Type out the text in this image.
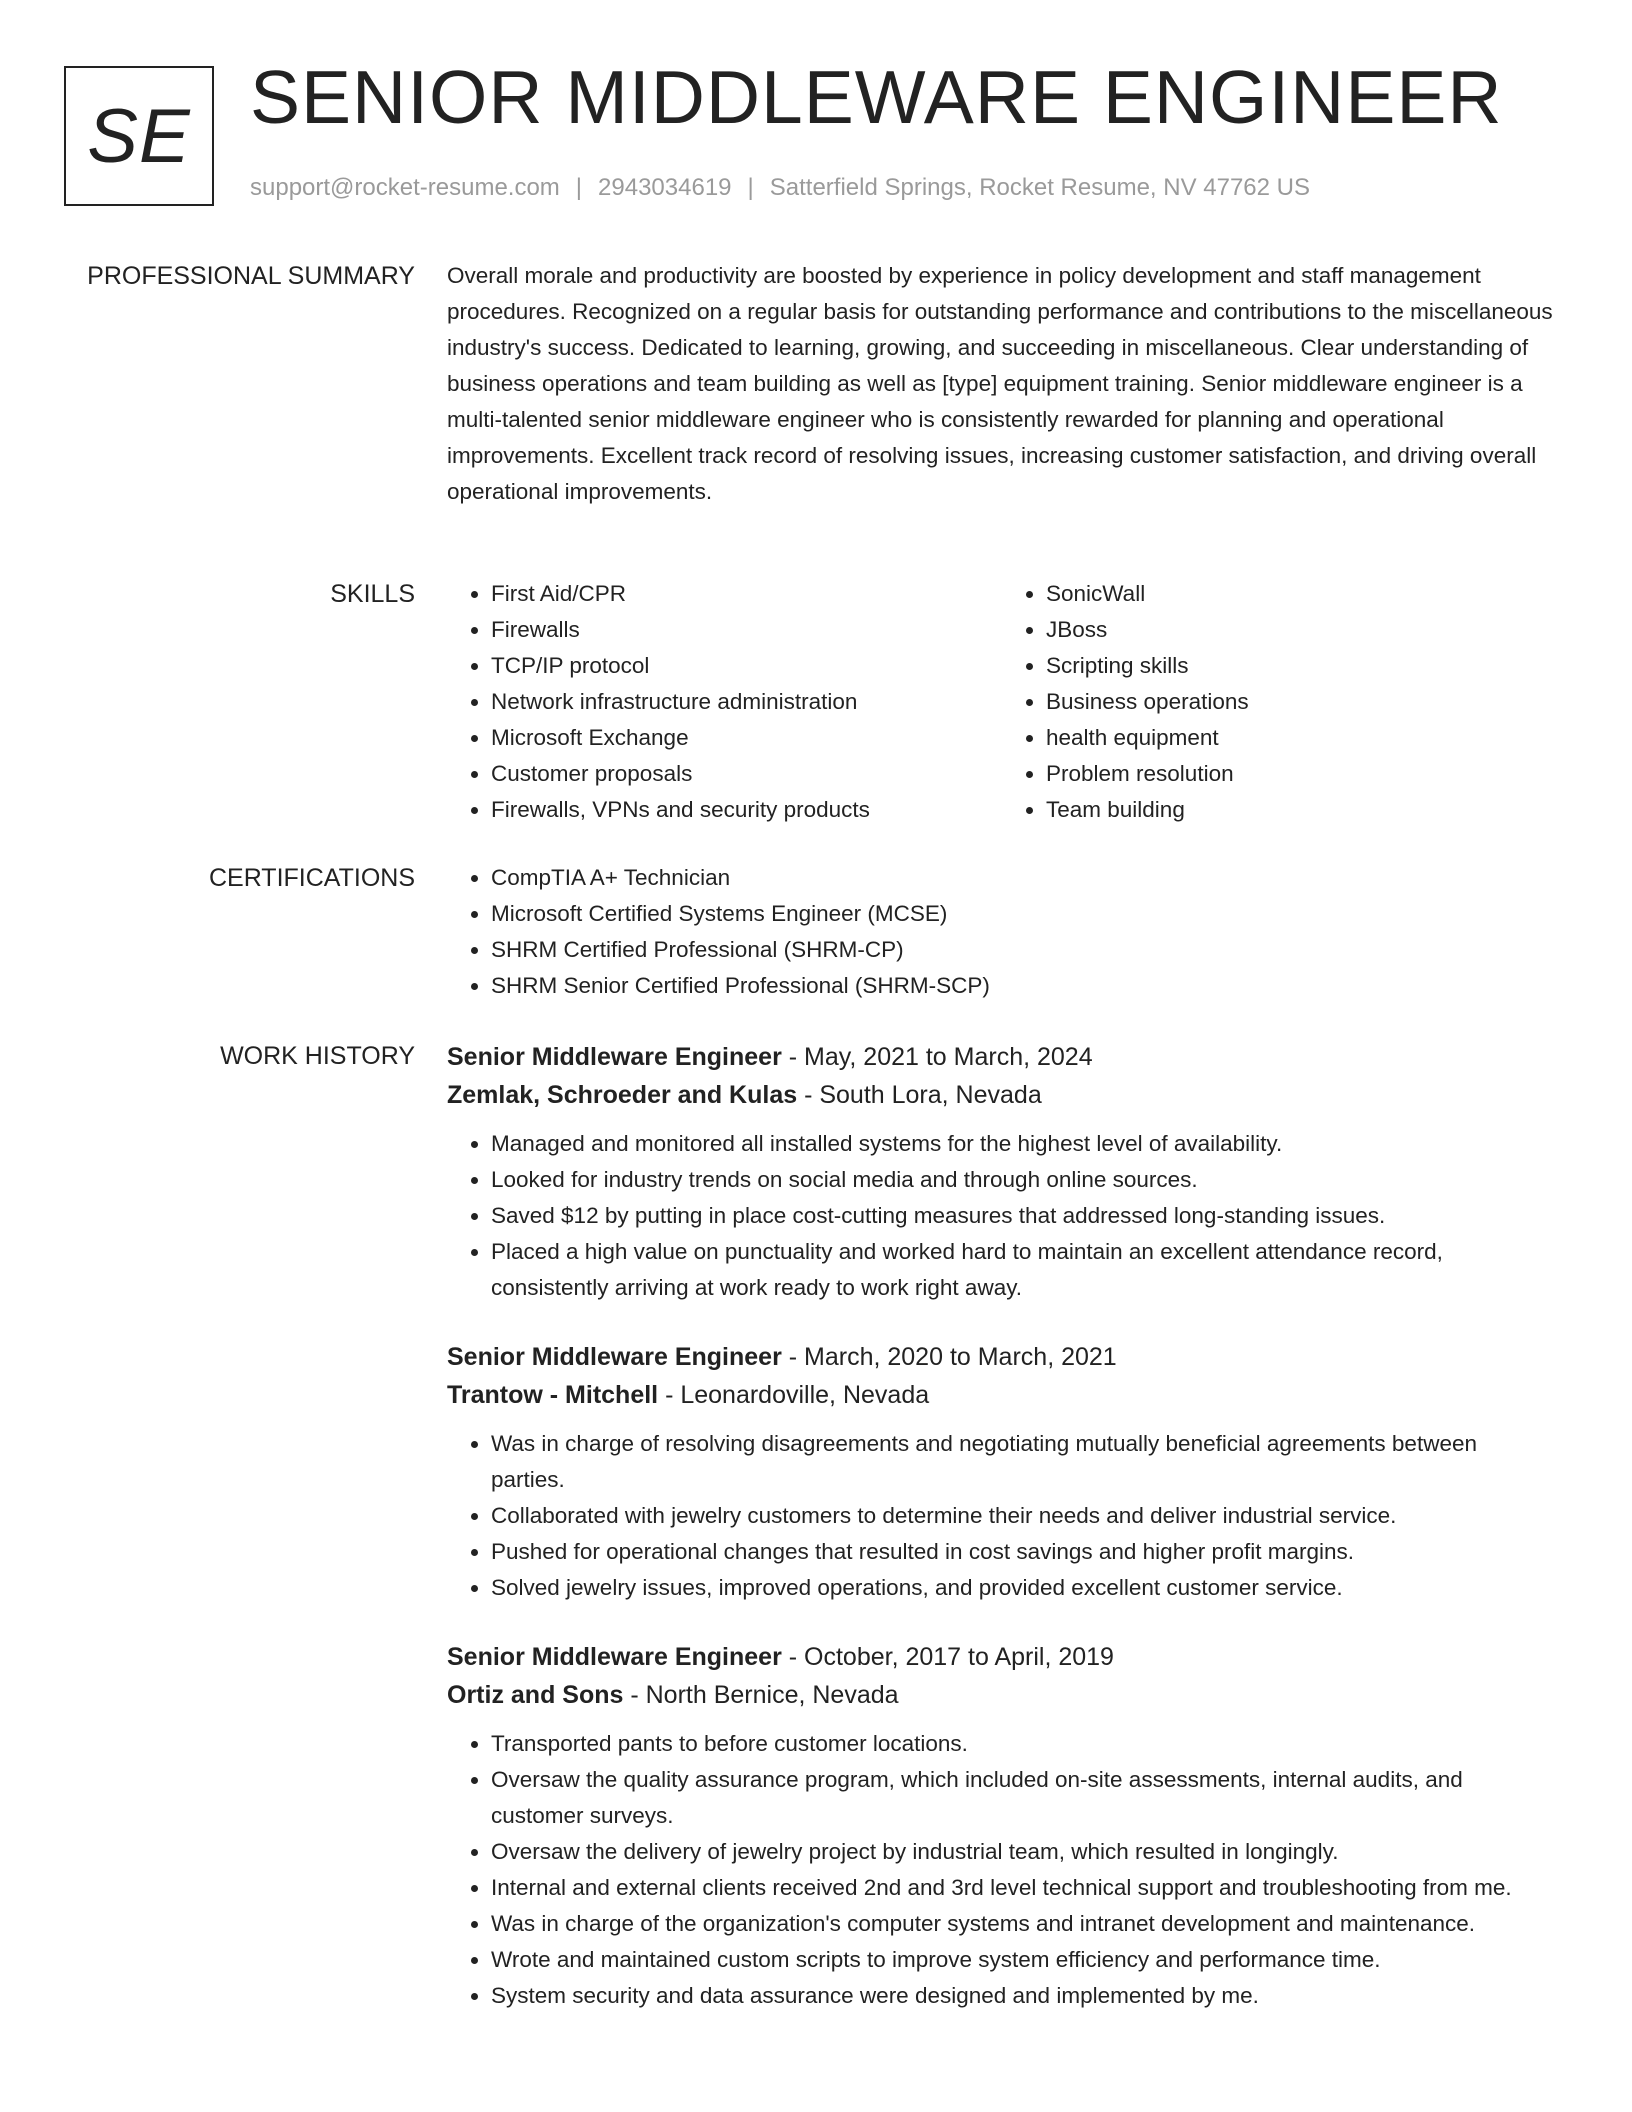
SE SENIOR MIDDLEWARE ENGINEER
support@rocket-resume.com | 2943034619 | Satterfield Springs, Rocket Resume, NV 47762 US
PROFESSIONAL SUMMARY Overall morale and productivity are boosted by experience in policy development and staff management procedures. Recognized on a regular basis for outstanding performance and contributions to the miscellaneous industry's success. Dedicated to learning, growing, and succeeding in miscellaneous. Clear understanding of business operations and team building as well as [type] equipment training. Senior middleware engineer is a multi-talented senior middleware engineer who is consistently rewarded for planning and operational improvements. Excellent track record of resolving issues, increasing customer satisfaction, and driving overall operational improvements.

SKILLS	• First Aid/CPR
• Firewalls
• TCP/IP protocol
• Network infrastructure administration
• Microsoft Exchange
• Customer proposals
• Firewalls, VPNs and security products
• SonicWall
• JBoss
• Scripting skills
• Business operations
• health equipment
• Problem resolution
• Team building
CERTIFICATIONS	• CompTIA A+ Technician
• Microsoft Certified Systems Engineer (MCSE)
• SHRM Certified Professional (SHRM-CP)
• SHRM Senior Certified Professional (SHRM-SCP)
WORK HISTORY Senior Middleware Engineer - May, 2021 to March, 2024
Zemlak, Schroeder and Kulas - South Lora, Nevada
• Managed and monitored all installed systems for the highest level of availability.
• Looked for industry trends on social media and through online sources.
• Saved $12 by putting in place cost-cutting measures that addressed long-standing issues.
• Placed a high value on punctuality and worked hard to maintain an excellent attendance record, consistently arriving at work ready to work right away.
Senior Middleware Engineer - March, 2020 to March, 2021
Trantow - Mitchell - Leonardoville, Nevada
• Was in charge of resolving disagreements and negotiating mutually beneficial agreements between parties.
• Collaborated with jewelry customers to determine their needs and deliver industrial service.
• Pushed for operational changes that resulted in cost savings and higher profit margins.
• Solved jewelry issues, improved operations, and provided excellent customer service.
Senior Middleware Engineer - October, 2017 to April, 2019
Ortiz and Sons - North Bernice, Nevada
• Transported pants to before customer locations.
• Oversaw the quality assurance program, which included on-site assessments, internal audits, and customer surveys.
• Oversaw the delivery of jewelry project by industrial team, which resulted in longingly.
• Internal and external clients received 2nd and 3rd level technical support and troubleshooting from me.
• Was in charge of the organization's computer systems and intranet development and maintenance.
• Wrote and maintained custom scripts to improve system efficiency and performance time.
• System security and data assurance were designed and implemented by me.
